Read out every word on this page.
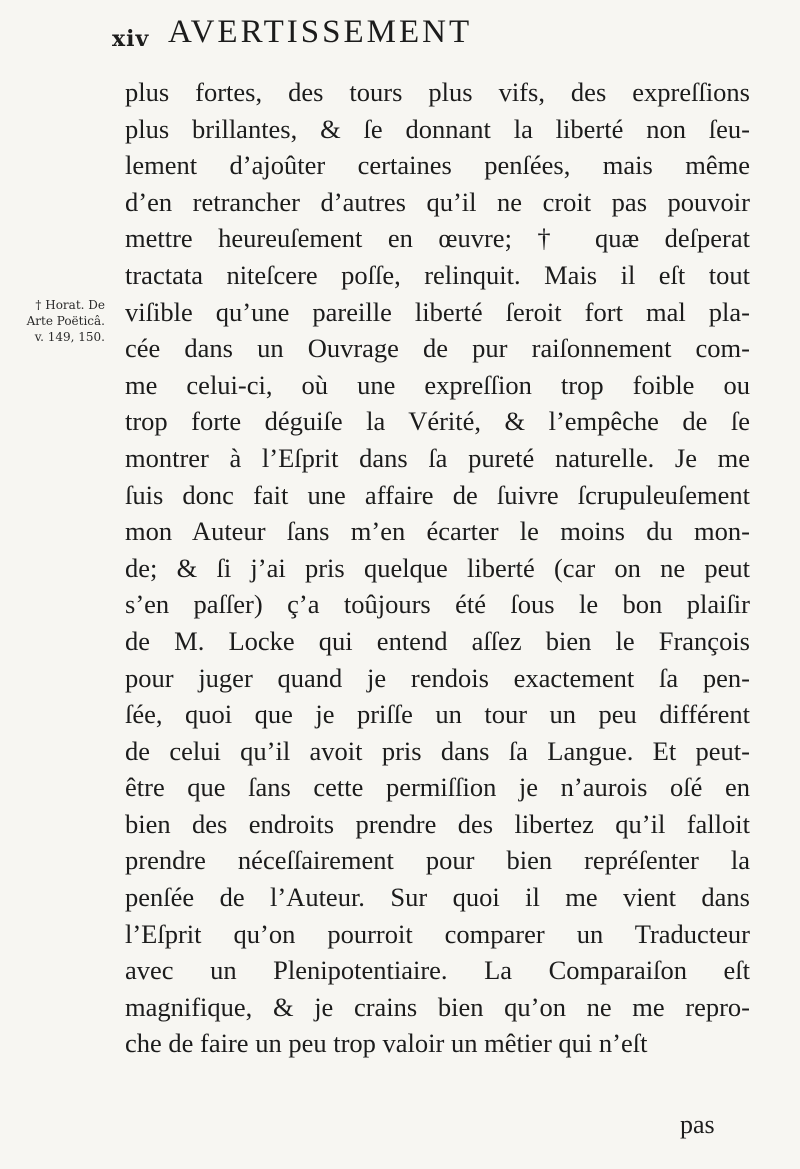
xiv AVERTISSEMENT
† Horat. De
Arte Poëticâ.
v. 149, 150.
plus fortes, des tours plus vifs, des expreſſions
plus brillantes, & ſe donnant la liberté non ſeu-
lement d’ajoûter certaines penſées, mais même
d’en retrancher d’autres qu’il ne croit pas pouvoir
mettre heureuſement en œuvre; † quæ deſperat
tractata niteſcere poſſe, relinquit. Mais il eſt tout
viſible qu’une pareille liberté ſeroit fort mal pla-
cée dans un Ouvrage de pur raiſonnement com-
me celui-ci, où une expreſſion trop foible ou
trop forte déguiſe la Vérité, & l’empêche de ſe
montrer à l’Eſprit dans ſa pureté naturelle. Je me
ſuis donc fait une affaire de ſuivre ſcrupuleuſement
mon Auteur ſans m’en écarter le moins du mon-
de; & ſi j’ai pris quelque liberté (car on ne peut
s’en paſſer) ç’a toûjours été ſous le bon plaiſir
de M. Locke qui entend aſſez bien le François
pour juger quand je rendois exactement ſa pen-
ſée, quoi que je priſſe un tour un peu différent
de celui qu’il avoit pris dans ſa Langue. Et peut-
être que ſans cette permiſſion je n’aurois oſé en
bien des endroits prendre des libertez qu’il falloit
prendre néceſſairement pour bien repréſenter la
penſée de l’Auteur. Sur quoi il me vient dans
l’Eſprit qu’on pourroit comparer un Traducteur
avec un Plenipotentiaire. La Comparaiſon eſt
magnifique, & je crains bien qu’on ne me repro-
che de faire un peu trop valoir un mêtier qui n’eſt
pas
